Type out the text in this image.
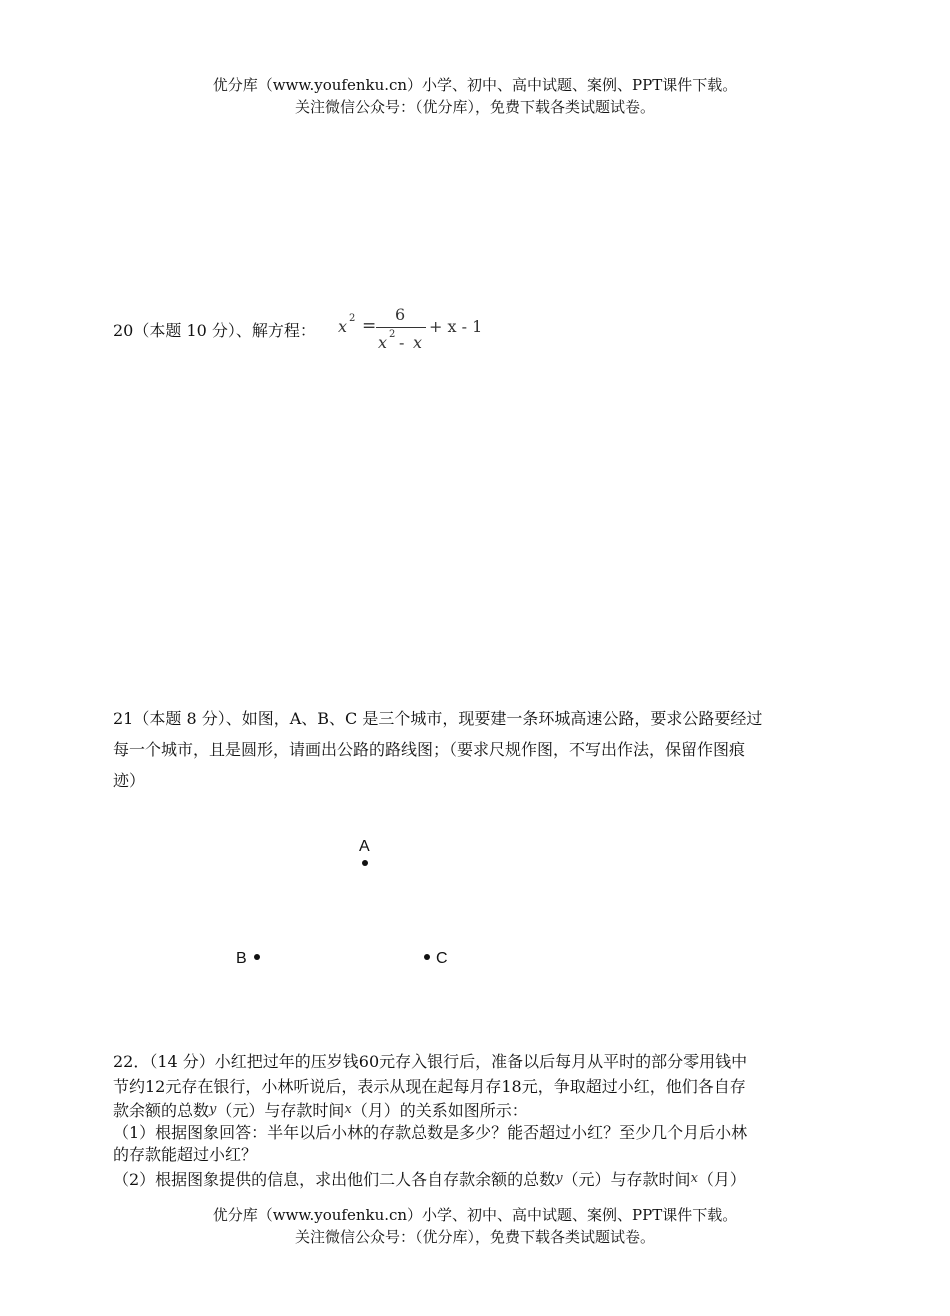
优分库（www.youfenku.cn）小学、初中、高中试题、案例、PPT课件下载。
关注微信公众号：（优分库），免费下载各类试题试卷。
20（本题 10 分）、解方程： x 2 =
6
x 2 - x
+ x - 1
21（本题 8 分）、如图，A、B、C 是三个城市，现要建一条环城高速公路，要求公路要经过
每一个城市，且是圆形，请画出公路的路线图；（要求尺规作图，不写出作法，保留作图痕
迹）
A
B	C
22．（14 分）小红把过年的压岁钱60元存入银行后，准备以后每月从平时的部分零用钱中
节约12元存在银行，小林听说后，表示从现在起每月存18元，争取超过小红，他们各自存
款余额的总数y（元）与存款时间x（月）的关系如图所示：
（1）根据图象回答：半年以后小林的存款总数是多少？能否超过小红？至少几个月后小林
的存款能超过小红？
（2）根据图象提供的信息，求出他们二人各自存款余额的总数y（元）与存款时间x（月）
优分库（www.youfenku.cn）小学、初中、高中试题、案例、PPT课件下载。
关注微信公众号：（优分库），免费下载各类试题试卷。
